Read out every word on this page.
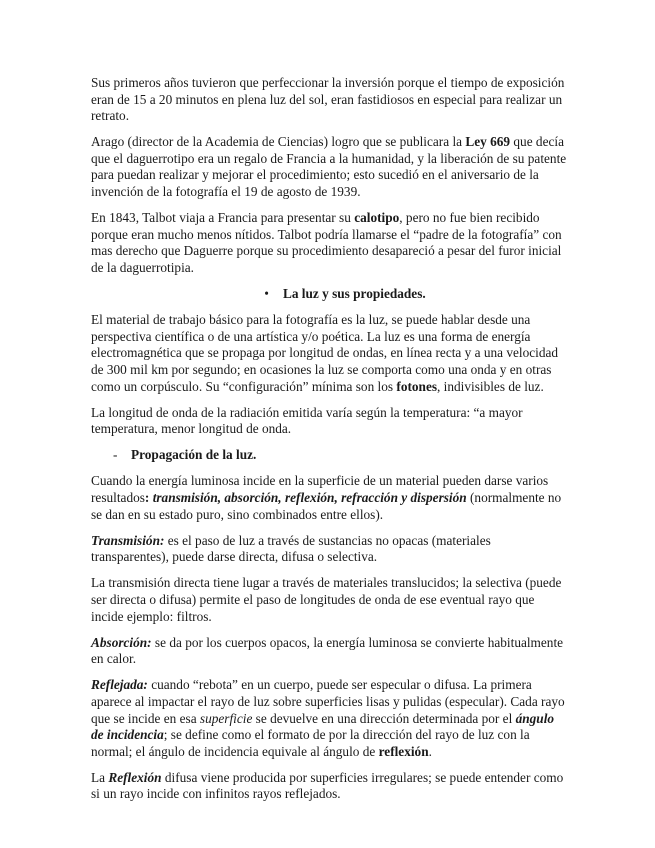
Sus primeros años tuvieron que perfeccionar la inversión porque el tiempo de exposición eran de 15 a 20 minutos en plena luz del sol, eran fastidiosos en especial para realizar un retrato.

Arago (director de la Academia de Ciencias) logro que se publicara la Ley 669 que decía que el daguerrotipo era un regalo de Francia a la humanidad, y la liberación de su patente para puedan realizar y mejorar el procedimiento; esto sucedió en el aniversario de la invención de la fotografía el 19 de agosto de 1939.

En 1843, Talbot viaja a Francia para presentar su calotipo, pero no fue bien recibido porque eran mucho menos nítidos. Talbot podría llamarse el “padre de la fotografía” con mas derecho que Daguerre porque su procedimiento desapareció a pesar del furor inicial de la daguerrotipia.

• La luz y sus propiedades.

El material de trabajo básico para la fotografía es la luz, se puede hablar desde una perspectiva científica o de una artística y/o poética. La luz es una forma de energía electromagnética que se propaga por longitud de ondas, en línea recta y a una velocidad de 300 mil km por segundo; en ocasiones la luz se comporta como una onda y en otras como un corpúsculo. Su “configuración” mínima son los fotones, indivisibles de luz.

La longitud de onda de la radiación emitida varía según la temperatura: “a mayor temperatura, menor longitud de onda.

- Propagación de la luz.

Cuando la energía luminosa incide en la superficie de un material pueden darse varios resultados: transmisión, absorción, reflexión, refracción y dispersión (normalmente no se dan en su estado puro, sino combinados entre ellos).

Transmisión: es el paso de luz a través de sustancias no opacas (materiales transparentes), puede darse directa, difusa o selectiva.

La transmisión directa tiene lugar a través de materiales translucidos; la selectiva (puede ser directa o difusa) permite el paso de longitudes de onda de ese eventual rayo que incide ejemplo: filtros.

Absorción: se da por los cuerpos opacos, la energía luminosa se convierte habitualmente en calor.

Reflejada: cuando “rebota” en un cuerpo, puede ser especular o difusa. La primera aparece al impactar el rayo de luz sobre superficies lisas y pulidas (especular). Cada rayo que se incide en esa superficie se devuelve en una dirección determinada por el ángulo de incidencia; se define como el formato de por la dirección del rayo de luz con la normal; el ángulo de incidencia equivale al ángulo de reflexión.

La Reflexión difusa viene producida por superficies irregulares; se puede entender como si un rayo incide con infinitos rayos reflejados.
